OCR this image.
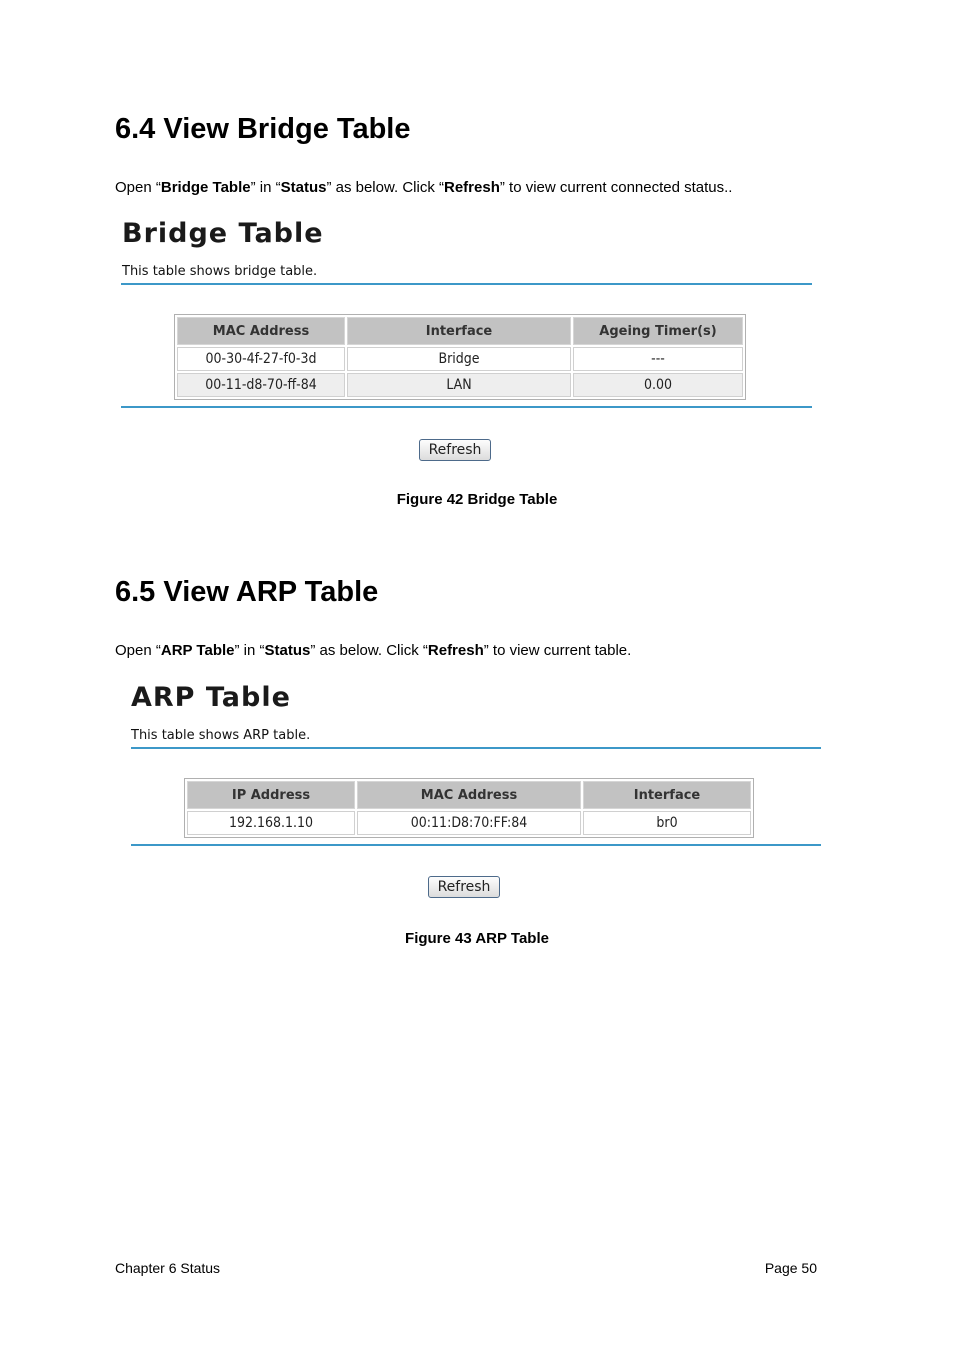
6.4 View Bridge Table

Open “Bridge Table” in “Status” as below. Click “Refresh” to view current connected status..

Bridge Table
This table shows bridge table.
MAC Address	Interface	Ageing Timer(s)
00-30-4f-27-f0-3d	Bridge	---
00-11-d8-70-ff-84	LAN	0.00
Refresh
Figure 42 Bridge Table
6.5 View ARP Table

Open “ARP Table” in “Status” as below. Click “Refresh” to view current table.

ARP Table
This table shows ARP table.
IP Address	MAC Address	Interface
192.168.1.10	00:11:D8:70:FF:84	br0
Refresh
Figure 43 ARP Table
Chapter 6 Status	Page 50
